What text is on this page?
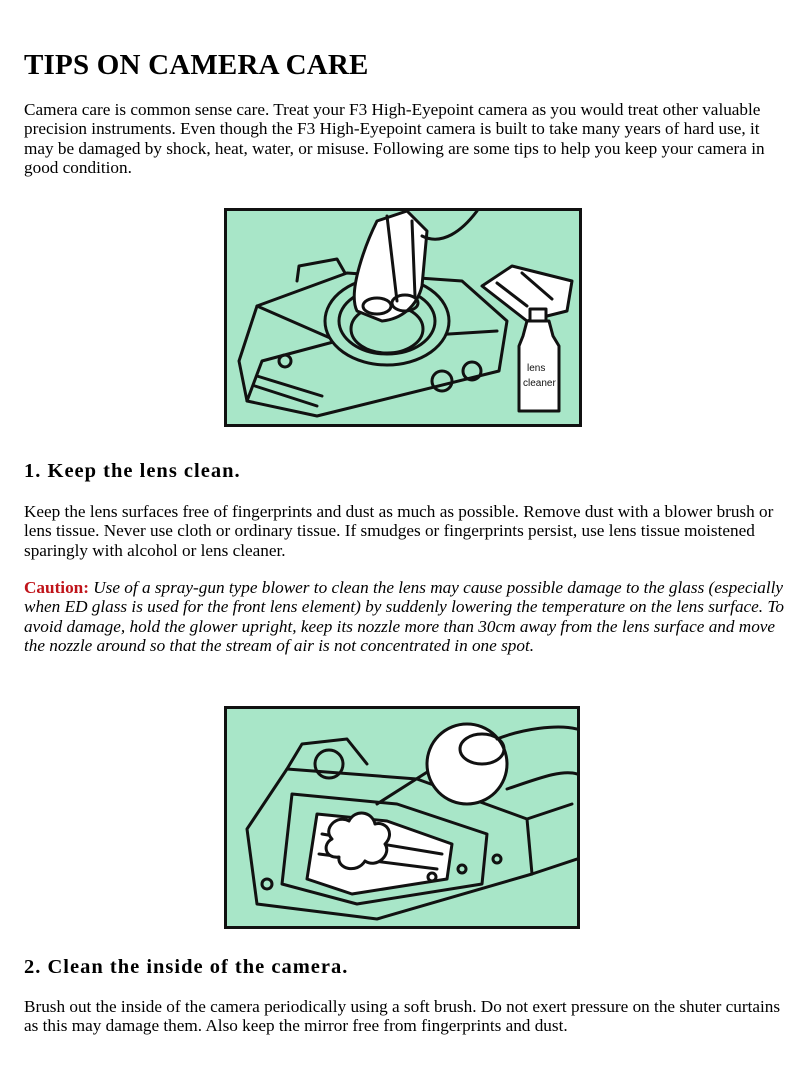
TIPS ON CAMERA CARE

Camera care is common sense care. Treat your F3 High-Eyepoint camera as you would treat other valuable precision instruments. Even though the F3 High-Eyepoint camera is built to take many years of hard use, it may be damaged by shock, heat, water, or misuse. Following are some tips to help you keep your camera in good condition.

lens
cleaner
1. Keep the lens clean.

Keep the lens surfaces free of fingerprints and dust as much as possible. Remove dust with a blower brush or lens tissue. Never use cloth or ordinary tissue. If smudges or fingerprints persist, use lens tissue moistened sparingly with alcohol or lens cleaner.

Caution: Use of a spray-gun type blower to clean the lens may cause possible damage to the glass (especially when ED glass is used for the front lens element) by suddenly lowering the temperature on the lens surface. To avoid damage, hold the glower upright, keep its nozzle more than 30cm away from the lens surface and move the nozzle around so that the stream of air is not concentrated in one spot.

2. Clean the inside of the camera.

Brush out the inside of the camera periodically using a soft brush. Do not exert pressure on the shuter curtains as this may damage them. Also keep the mirror free from fingerprints and dust.
